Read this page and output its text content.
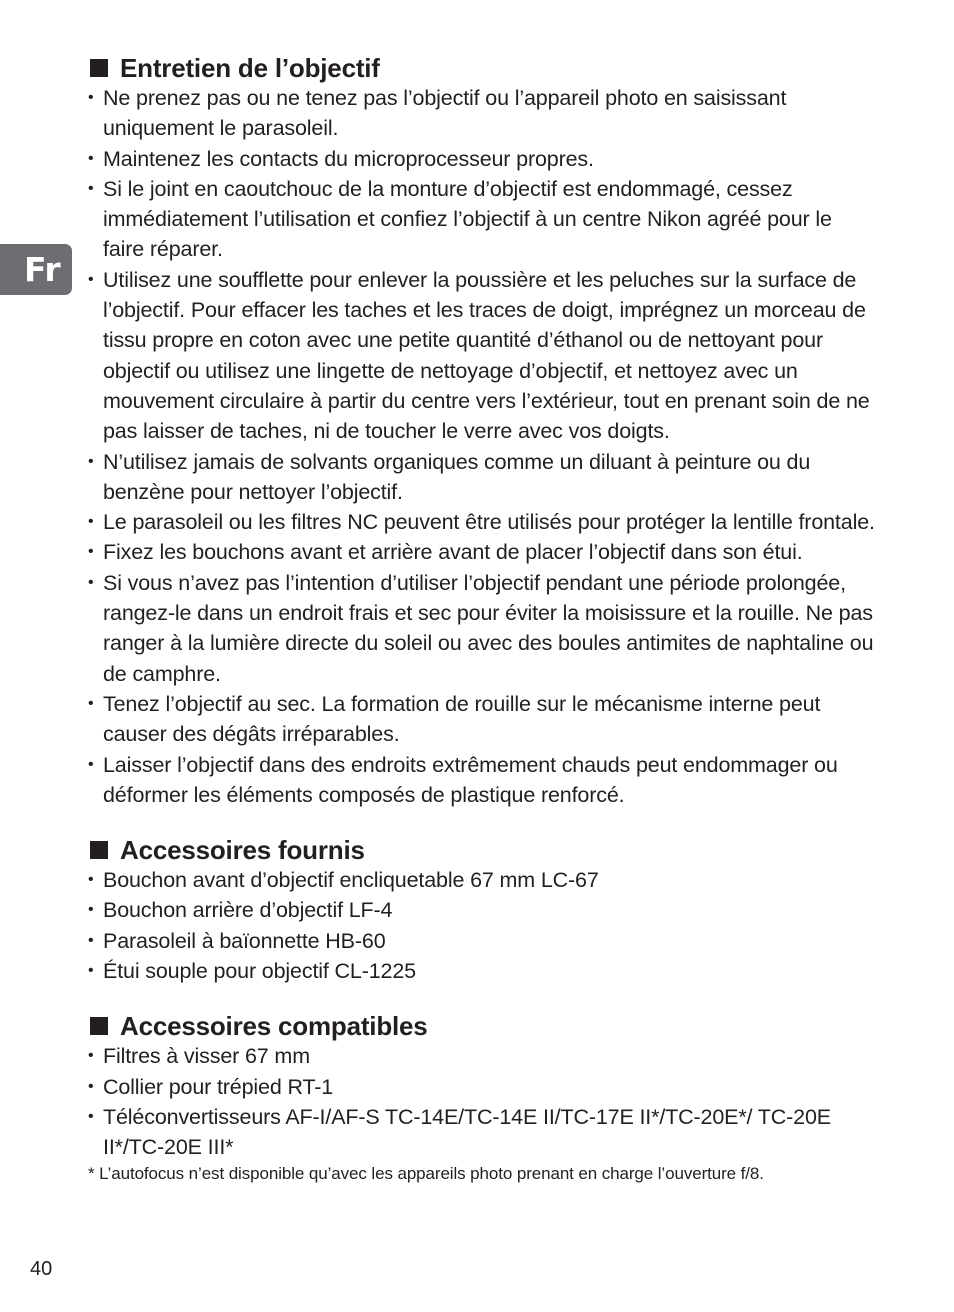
Fr
Entretien de l’objectif
• Ne prenez pas ou ne tenez pas l’objectif ou l’appareil photo en saisissant uniquement le parasoleil.
• Maintenez les contacts du microprocesseur propres.
• Si le joint en caoutchouc de la monture d’objectif est endommagé, cessez immédiatement l’utilisation et confiez l’objectif à un centre Nikon agréé pour le faire réparer.
• Utilisez une soufflette pour enlever la poussière et les peluches sur la surface de l’objectif. Pour effacer les taches et les traces de doigt, imprégnez un morceau de tissu propre en coton avec une petite quantité d’éthanol ou de nettoyant pour objectif ou utilisez une lingette de nettoyage d’objectif, et nettoyez avec un mouvement circulaire à partir du centre vers l’extérieur, tout en prenant soin de ne pas laisser de taches, ni de toucher le verre avec vos doigts.
• N’utilisez jamais de solvants organiques comme un diluant à peinture ou du benzène pour nettoyer l’objectif.
• Le parasoleil ou les filtres NC peuvent être utilisés pour protéger la lentille frontale.
• Fixez les bouchons avant et arrière avant de placer l’objectif dans son étui.
• Si vous n’avez pas l’intention d’utiliser l’objectif pendant une période prolongée, rangez-le dans un endroit frais et sec pour éviter la moisissure et la rouille. Ne pas ranger à la lumière directe du soleil ou avec des boules antimites de naphtaline ou de camphre.
• Tenez l’objectif au sec. La formation de rouille sur le mécanisme interne peut causer des dégâts irréparables.
• Laisser l’objectif dans des endroits extrêmement chauds peut endommager ou déformer les éléments composés de plastique renforcé.
Accessoires fournis
• Bouchon avant d’objectif encliquetable 67 mm LC-67
• Bouchon arrière d’objectif LF-4
• Parasoleil à baïonnette HB-60
• Étui souple pour objectif CL-1225
Accessoires compatibles
• Filtres à visser 67 mm
• Collier pour trépied RT-1
• Téléconvertisseurs AF-I/AF-S TC-14E/TC-14E II/TC-17E II*/TC-20E*/ TC-20E II*/TC-20E III*
* L’autofocus n’est disponible qu’avec les appareils photo prenant en charge l’ouverture f/8.
40
